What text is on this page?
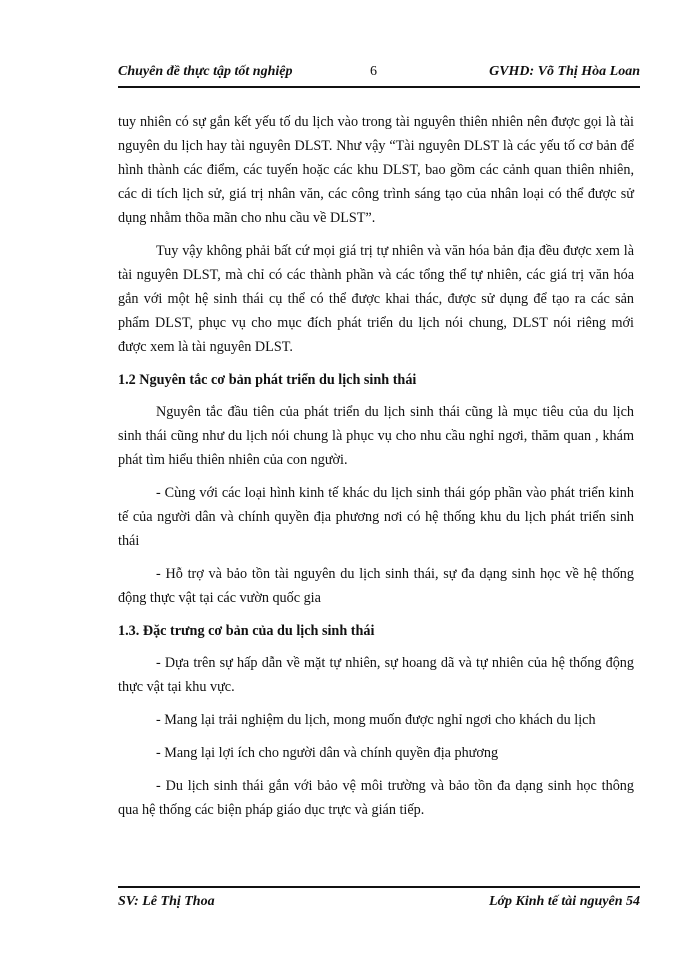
Chuyên đề thực tập tốt nghiệp	6	GVHD: Võ Thị Hòa Loan

tuy nhiên có sự gắn kết yếu tố du lịch vào trong tài nguyên thiên nhiên nên được gọi là tài nguyên du lịch hay tài nguyên DLST. Như vậy “Tài nguyên DLST là các yếu tố cơ bản để hình thành các điểm, các tuyến hoặc các khu DLST, bao gồm các cảnh quan thiên nhiên, các di tích lịch sử, giá trị nhân văn, các công trình sáng tạo của nhân loại có thể được sử dụng nhằm thõa mãn cho nhu cầu về DLST”.

Tuy vậy không phải bất cứ mọi giá trị tự nhiên và văn hóa bản địa đều được xem là tài nguyên DLST, mà chỉ có các thành phần và các tổng thể tự nhiên, các giá trị văn hóa gắn với một hệ sinh thái cụ thể có thể được khai thác, được sử dụng để tạo ra các sản phẩm DLST, phục vụ cho mục đích phát triển du lịch nói chung, DLST nói riêng mới được xem là tài nguyên DLST.

1.2 Nguyên tắc cơ bản phát triển du lịch sinh thái

Nguyên tắc đầu tiên của phát triển du lịch sinh thái cũng là mục tiêu của du lịch sinh thái cũng như du lịch nói chung là phục vụ cho nhu cầu nghỉ ngơi, thăm quan , khám phát tìm hiểu thiên nhiên của con người.

- Cùng với các loại hình kinh tế khác du lịch sinh thái góp phần vào phát triển kinh tế của người dân và chính quyền địa phương nơi có hệ thống khu du lịch phát triển sinh thái

- Hỗ trợ và bảo tồn tài nguyên du lịch sinh thái, sự đa dạng sinh học về hệ thống động thực vật tại các vườn quốc gia

1.3. Đặc trưng cơ bản của du lịch sinh thái

- Dựa trên sự hấp dẫn về mặt tự nhiên, sự hoang dã và tự nhiên của hệ thống động thực vật tại khu vực.

- Mang lại trải nghiệm du lịch, mong muốn được nghỉ ngơi cho khách du lịch

- Mang lại lợi ích cho người dân và chính quyền địa phương

- Du lịch sinh thái gắn với bảo vệ môi trường và bảo tồn đa dạng sinh học thông qua hệ thống các biện pháp giáo dục trực và gián tiếp.

SV: Lê Thị Thoa	Lớp Kinh tế tài nguyên 54
